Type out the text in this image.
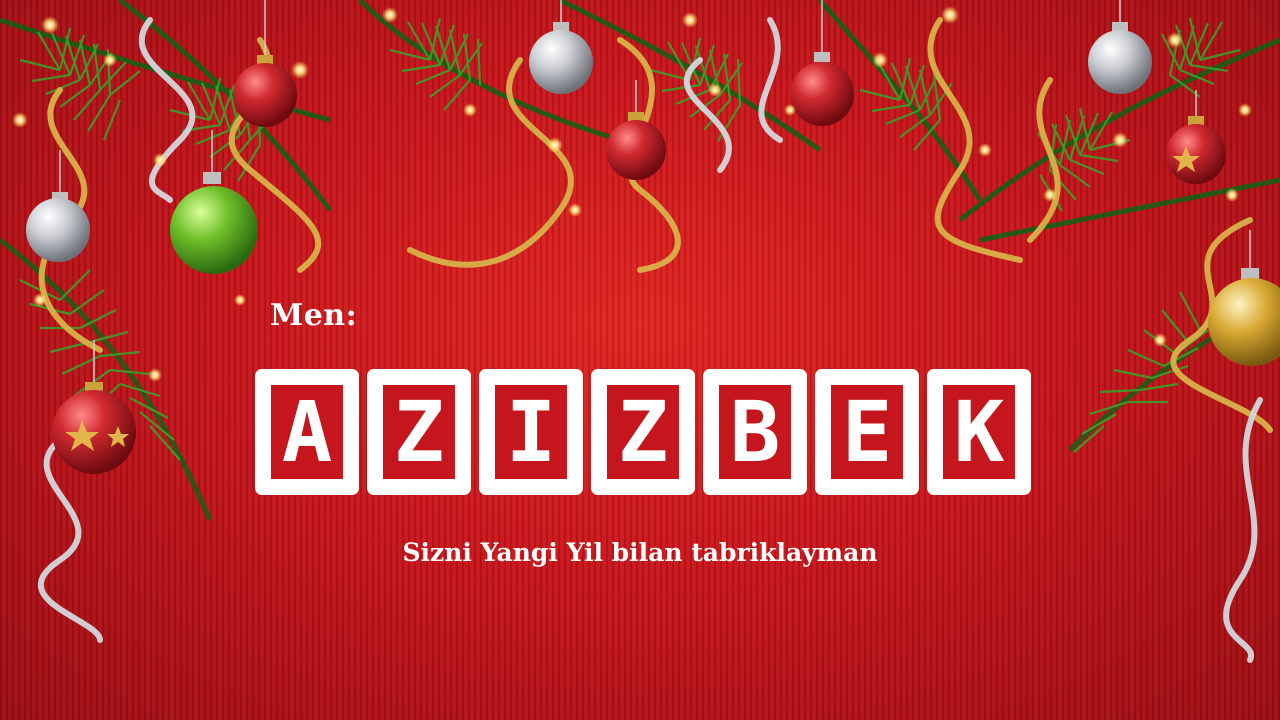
Men:
A Z I Z B E K
Sizni Yangi Yil bilan tabriklayman
